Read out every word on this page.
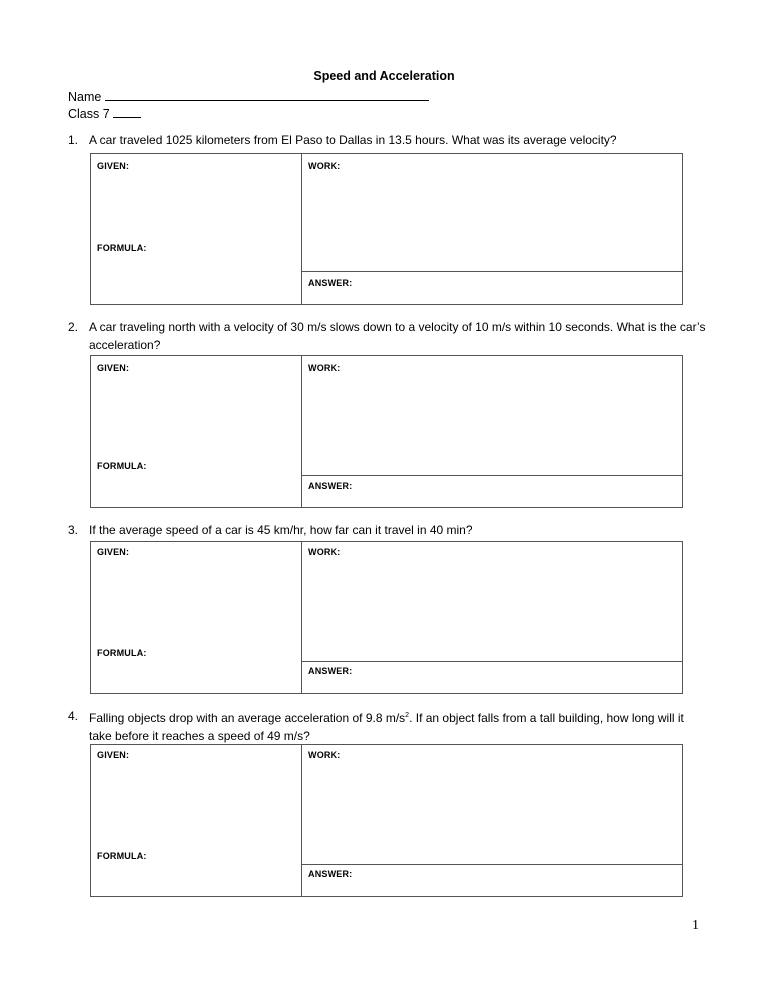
Speed and Acceleration
Name
Class 7
1. A car traveled 1025 kilometers from El Paso to Dallas in 13.5 hours. What was its average velocity?
GIVEN:
FORMULA:
WORK:
ANSWER:
2. A car traveling north with a velocity of 30 m/s slows down to a velocity of 10 m/s within 10 seconds. What is the car’s acceleration?
GIVEN:
FORMULA:
WORK:
ANSWER:
3. If the average speed of a car is 45 km/hr, how far can it travel in 40 min?
GIVEN:
FORMULA:
WORK:
ANSWER:
4. Falling objects drop with an average acceleration of 9.8 $m/s^2$. If an object falls from a tall building, how long will it take before it reaches a speed of 49 m/s?
GIVEN:
FORMULA:
WORK:
ANSWER:
1
